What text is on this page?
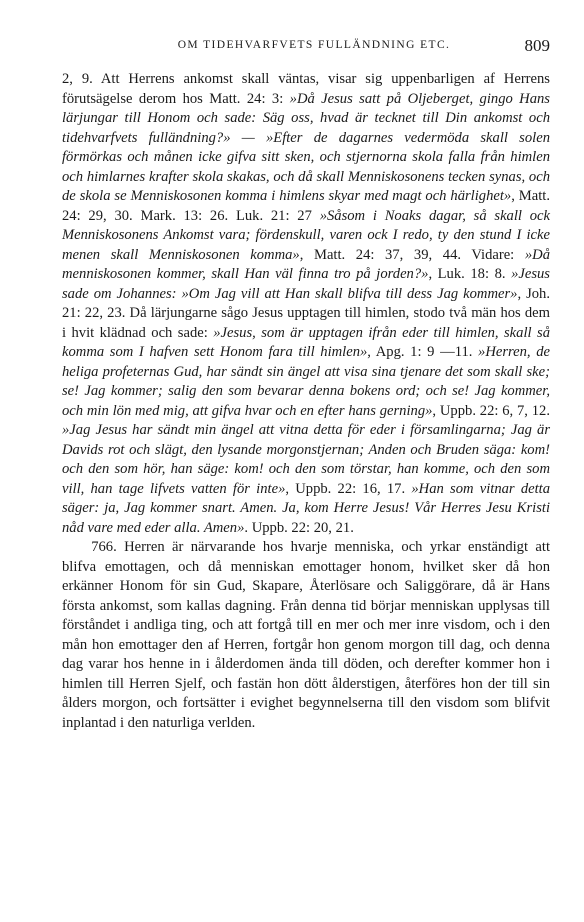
OM TIDEHVARFVETS FULLÄNDNING ETC.	809

2, 9. Att Herrens ankomst skall väntas, visar sig uppenbarligen af Herrens förutsägelse derom hos Matt. 24: 3: »Då Jesus satt på Oljeberget, gingo Hans lärjungar till Honom och sade: Säg oss, hvad är tecknet till Din ankomst och tidehvarfvets fulländning?» — »Efter de dagarnes vedermöda skall solen förmörkas och månen icke gifva sitt sken, och stjernorna skola falla från himlen och himlarnes krafter skola skakas, och då skall Menniskosonens tecken synas, och de skola se Menniskosonen komma i himlens skyar med magt och härlighet», Matt. 24: 29, 30. Mark. 13: 26. Luk. 21: 27 »Såsom i Noaks dagar, så skall ock Menniskosonens Ankomst vara; fördenskull, varen ock I redo, ty den stund I icke menen skall Menniskosonen komma», Matt. 24: 37, 39, 44. Vidare: »Då menniskosonen kommer, skall Han väl finna tro på jorden?», Luk. 18: 8. »Jesus sade om Johannes: »Om Jag vill att Han skall blifva till dess Jag kommer», Joh. 21: 22, 23. Då lärjungarne sågo Jesus upptagen till himlen, stodo två män hos dem i hvit klädnad och sade: »Jesus, som är upptagen ifrån eder till himlen, skall så komma som I hafven sett Honom fara till himlen», Apg. 1: 9 —11. »Herren, de heliga profeternas Gud, har sändt sin ängel att visa sina tjenare det som skall ske; se! Jag kommer; salig den som bevarar denna bokens ord; och se! Jag kommer, och min lön med mig, att gifva hvar och en efter hans gerning», Uppb. 22: 6, 7, 12. »Jag Jesus har sändt min ängel att vitna detta för eder i församlingarna; Jag är Davids rot och slägt, den lysande morgonstjernan; Anden och Bruden säga: kom! och den som hör, han säge: kom! och den som törstar, han komme, och den som vill, han tage lifvets vatten för inte», Uppb. 22: 16, 17. »Han som vitnar detta säger: ja, Jag kommer snart. Amen. Ja, kom Herre Jesus! Vår Herres Jesu Kristi nåd vare med eder alla. Amen». Uppb. 22: 20, 21.

766. Herren är närvarande hos hvarje menniska, och yrkar enständigt att blifva emottagen, och då menniskan emottager honom, hvilket sker då hon erkänner Honom för sin Gud, Skapare, Återlösare och Saliggörare, då är Hans första ankomst, som kallas dagning. Från denna tid börjar menniskan upplysas till förståndet i andliga ting, och att fortgå till en mer och mer inre visdom, och i den mån hon emottager den af Herren, fortgår hon genom morgon till dag, och denna dag varar hos henne in i ålderdomen ända till döden, och derefter kommer hon i himlen till Herren Sjelf, och fastän hon dött ålderstigen, återföres hon der till sin ålders morgon, och fortsätter i evighet begynnelserna till den visdom som blifvit inplantad i den naturliga verlden.
